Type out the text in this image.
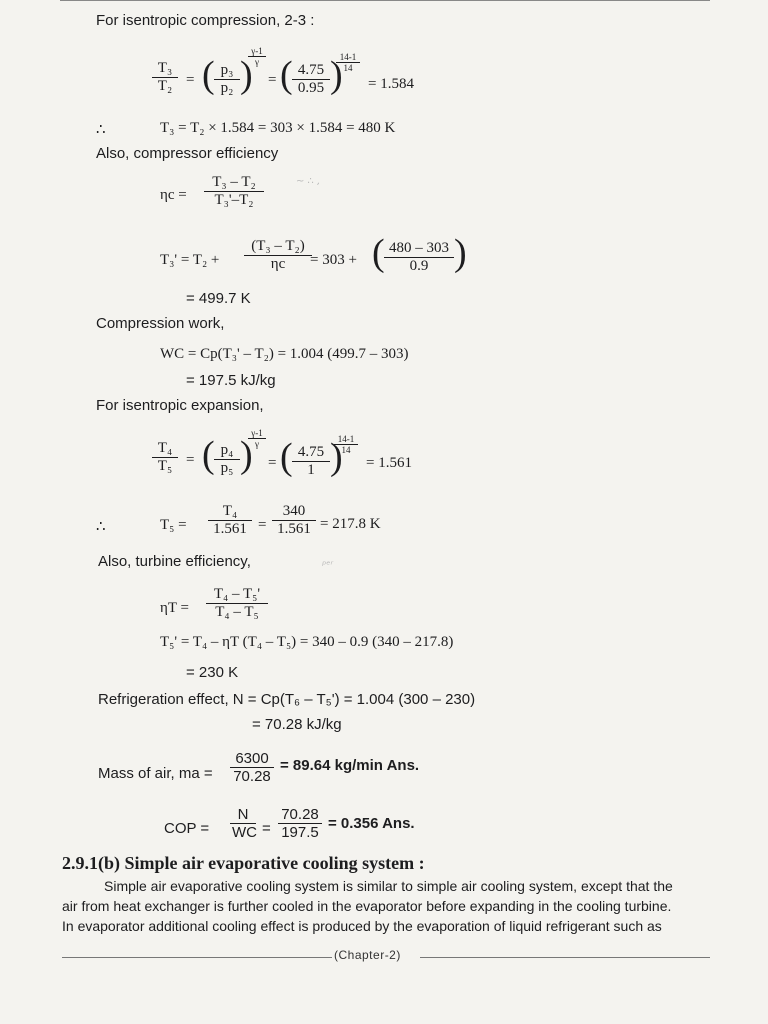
For isentropic compression, 2-3 :
$\frac{\text{T₃}}{\text{T₂}}$ = ( $\frac{\text{p₃}}{\text{p₂}}$ )
γ-1
γ
= ( $\frac{4.75}{0.95}$ )
14-1
14
= 1.584
∴	T₃ = T₂ × 1.584 = 303 × 1.584 = 480 K
Also, compressor efficiency
$\eta c = \frac{\text{T₃ – T₂}}{\text{T₃'–T₂}}$	~ ∴ ,
$T_3' = T_2 + \frac{\text{(T₃ – T₂)}}{\eta c}$
= 303 + ( $\frac{480 - 303}{0.9}$ )
= 499.7 K
Compression work,
WC = Cp(T₃' – T₂) = 1.004 (499.7 – 303)
= 197.5 kJ/kg
For isentropic expansion,
$\frac{\text{T₄}}{\text{T₅}}$ = ( $\frac{\text{p₄}}{\text{p₅}}$ )
γ-1
γ
= ( $\frac{4.75}{1}$ )
14-1
14
= 1.561
∴	$T_5 = \frac{\text{T₄}}{1.561} = \frac{340}{1.561} = 217.8$ K
Also, turbine efficiency,	ᵖᵉʳ
$\eta T = \frac{\text{T₄ – T₅'}}{\text{T₄ – T₅}}$
T₅' = T₄ – ηT (T₄ – T₅) = 340 – 0.9 (340 – 217.8)
= 230 K
Refrigeration effect, N = Cp(T₆ – T₅') = 1.004 (300 – 230)
= 70.28 kJ/kg
Mass of air, ma = $\frac{6300}{70.28} = 89.64$ kg/min Ans.
COP = $\frac{N}{WC} = \frac{70.28}{197.5} = 0.356$ Ans.
2.9.1(b) Simple air evaporative cooling system :
Simple air evaporative cooling system is similar to simple air cooling system, except that the
air from heat exchanger is further cooled in the evaporator before expanding in the cooling turbine.
In evaporator additional cooling effect is produced by the evaporation of liquid refrigerant such as
(Chapter-2)
